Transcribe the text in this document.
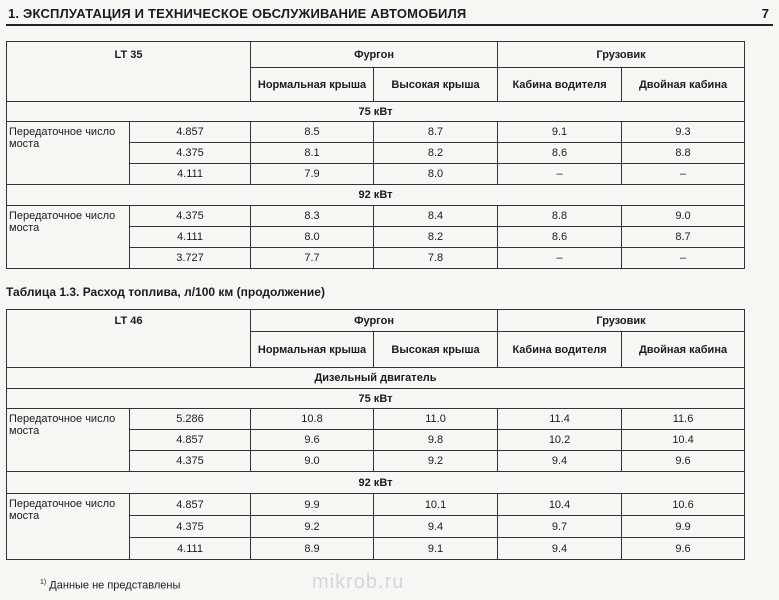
1. ЭКСПЛУАТАЦИЯ И ТЕХНИЧЕСКОЕ ОБСЛУЖИВАНИЕ АВТОМОБИЛЯ	7
LT 35		Фургон		Грузовик	
		Нормальная крыша	Высокая крыша	Кабина водителя	Двойная кабина
75 кВт					
Передаточное число моста	4.857	8.5	8.7	9.1	9.3
	4.375	8.1	8.2	8.6	8.8
	4.111	7.9	8.0	–	–
92 кВт					
Передаточное число моста	4.375	8.3	8.4	8.8	9.0
	4.111	8.0	8.2	8.6	8.7
	3.727	7.7	7.8	–	–
Таблица 1.3. Расход топлива, л/100 км (продолжение)
LT 46		Фургон		Грузовик	
		Нормальная крыша	Высокая крыша	Кабина водителя	Двойная кабина
Дизельный двигатель					
75 кВт					
Передаточное число моста	5.286	10.8	11.0	11.4	11.6
	4.857	9.6	9.8	10.2	10.4
	4.375	9.0	9.2	9.4	9.6
92 кВт					
Передаточное число моста	4.857	9.9	10.1	10.4	10.6
	4.375	9.2	9.4	9.7	9.9
	4.111	8.9	9.1	9.4	9.6
mikrob.ru
$^{1)}$ Данные не представлены
